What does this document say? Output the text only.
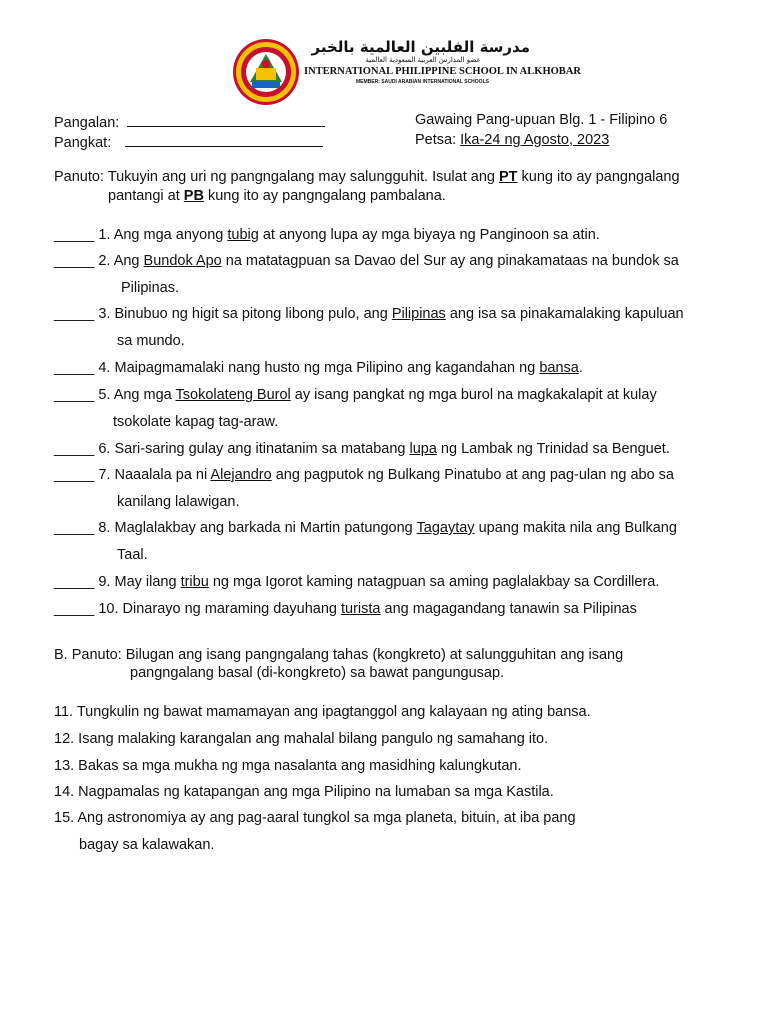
مدرسة الفلبين العالمية بالخبر
عضو المدارس العربية السعودية العالمية
INTERNATIONAL PHILIPPINE SCHOOL IN ALKHOBAR
MEMBER: SAUDI ARABIAN INTERNATIONAL SCHOOLS
Pangalan:
Pangkat:
Gawaing Pang-upuan Blg. 1 - Filipino 6
Petsa: Ika-24 ng Agosto, 2023
Panuto: Tukuyin ang uri ng pangngalang may salungguhit. Isulat ang PT kung ito ay pangngalang
pantangi at PB kung ito ay pangngalang pambalana.
_____ 1. Ang mga anyong tubig at anyong lupa ay mga biyaya ng Panginoon sa atin.
_____ 2. Ang Bundok Apo na matatagpuan sa Davao del Sur ay ang pinakamataas na bundok sa
Pilipinas.
_____ 3. Binubuo ng higit sa pitong libong pulo, ang Pilipinas ang isa sa pinakamalaking kapuluan
sa mundo.
_____ 4. Maipagmamalaki nang husto ng mga Pilipino ang kagandahan ng bansa.
_____ 5. Ang mga Tsokolateng Burol ay isang pangkat ng mga burol na magkakalapit at kulay
tsokolate kapag tag-araw.
_____ 6. Sari-saring gulay ang itinatanim sa matabang lupa ng Lambak ng Trinidad sa Benguet.
_____ 7. Naaalala pa ni Alejandro ang pagputok ng Bulkang Pinatubo at ang pag-ulan ng abo sa
kanilang lalawigan.
_____ 8. Maglalakbay ang barkada ni Martin patungong Tagaytay upang makita nila ang Bulkang
Taal.
_____ 9. May ilang tribu ng mga Igorot kaming natagpuan sa aming paglalakbay sa Cordillera.
_____ 10. Dinarayo ng maraming dayuhang turista ang magagandang tanawin sa Pilipinas
B. Panuto: Bilugan ang isang pangngalang tahas (kongkreto) at salungguhitan ang isang
pangngalang basal (di-kongkreto) sa bawat pangungusap.
11. Tungkulin ng bawat mamamayan ang ipagtanggol ang kalayaan ng ating bansa.
12. Isang malaking karangalan ang mahalal bilang pangulo ng samahang ito.
13. Bakas sa mga mukha ng mga nasalanta ang masidhing kalungkutan.
14. Nagpamalas ng katapangan ang mga Pilipino na lumaban sa mga Kastila.
15. Ang astronomiya ay ang pag-aaral tungkol sa mga planeta, bituin, at iba pang
bagay sa kalawakan.
